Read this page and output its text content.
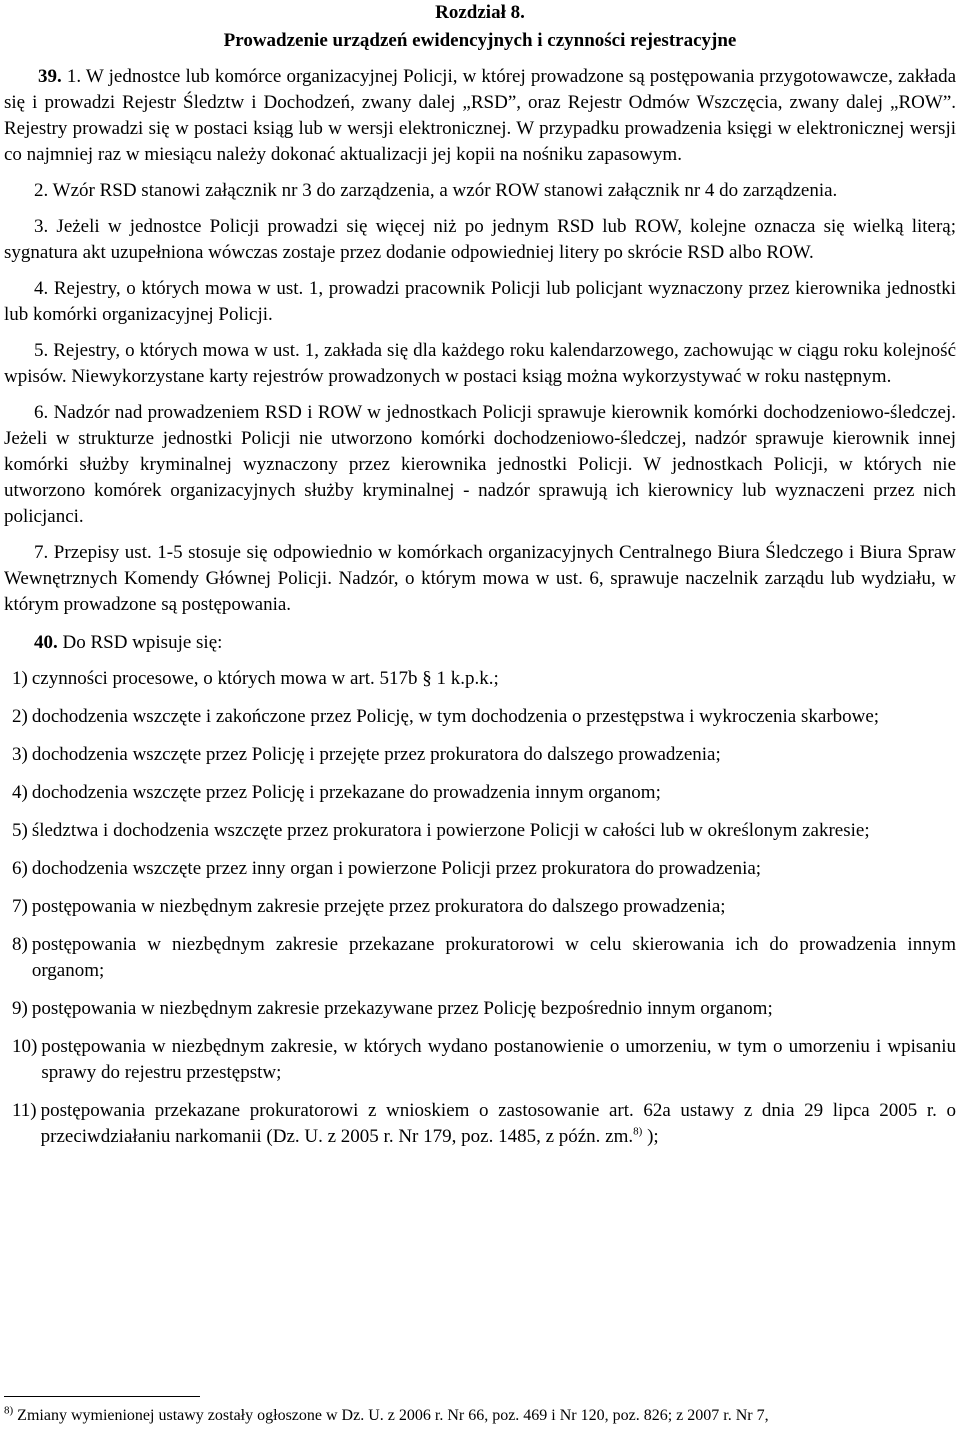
Rozdział 8.

Prowadzenie urządzeń ewidencyjnych i czynności rejestracyjne

39. 1. W jednostce lub komórce organizacyjnej Policji, w której prowadzone są postępowania przygotowawcze, zakłada się i prowadzi Rejestr Śledztw i Dochodzeń, zwany dalej „RSD”, oraz Rejestr Odmów Wszczęcia, zwany dalej „ROW”. Rejestry prowadzi się w postaci ksiąg lub w wersji elektronicznej. W przypadku prowadzenia księgi w elektronicznej wersji co najmniej raz w miesiącu należy dokonać aktualizacji jej kopii na nośniku zapasowym.

2. Wzór RSD stanowi załącznik nr 3 do zarządzenia, a wzór ROW stanowi załącznik nr 4 do zarządzenia.

3. Jeżeli w jednostce Policji prowadzi się więcej niż po jednym RSD lub ROW, kolejne oznacza się wielką literą; sygnatura akt uzupełniona wówczas zostaje przez dodanie odpowiedniej litery po skrócie RSD albo ROW.

4. Rejestry, o których mowa w ust. 1, prowadzi pracownik Policji lub policjant wyznaczony przez kierownika jednostki lub komórki organizacyjnej Policji.

5. Rejestry, o których mowa w ust. 1, zakłada się dla każdego roku kalendarzowego, zachowując w ciągu roku kolejność wpisów. Niewykorzystane karty rejestrów prowadzonych w postaci ksiąg można wykorzystywać w roku następnym.

6. Nadzór nad prowadzeniem RSD i ROW w jednostkach Policji sprawuje kierownik komórki dochodzeniowo-śledczej. Jeżeli w strukturze jednostki Policji nie utworzono komórki dochodzeniowo-śledczej, nadzór sprawuje kierownik innej komórki służby kryminalnej wyznaczony przez kierownika jednostki Policji. W jednostkach Policji, w których nie utworzono komórek organizacyjnych służby kryminalnej - nadzór sprawują ich kierownicy lub wyznaczeni przez nich policjanci.

7. Przepisy ust. 1-5 stosuje się odpowiednio w komórkach organizacyjnych Centralnego Biura Śledczego i Biura Spraw Wewnętrznych Komendy Głównej Policji. Nadzór, o którym mowa w ust. 6, sprawuje naczelnik zarządu lub wydziału, w którym prowadzone są postępowania.

40. Do RSD wpisuje się:

1) czynności procesowe, o których mowa w art. 517b § 1 k.p.k.;
2) dochodzenia wszczęte i zakończone przez Policję, w tym dochodzenia o przestępstwa i wykroczenia skarbowe;
3) dochodzenia wszczęte przez Policję i przejęte przez prokuratora do dalszego prowadzenia;
4) dochodzenia wszczęte przez Policję i przekazane do prowadzenia innym organom;
5) śledztwa i dochodzenia wszczęte przez prokuratora i powierzone Policji w całości lub w określonym zakresie;
6) dochodzenia wszczęte przez inny organ i powierzone Policji przez prokuratora do prowadzenia;
7) postępowania w niezbędnym zakresie przejęte przez prokuratora do dalszego prowadzenia;
8) postępowania w niezbędnym zakresie przekazane prokuratorowi w celu skierowania ich do prowadzenia innym organom;
9) postępowania w niezbędnym zakresie przekazywane przez Policję bezpośrednio innym organom;
10) postępowania w niezbędnym zakresie, w których wydano postanowienie o umorzeniu, w tym o umorzeniu i wpisaniu sprawy do rejestru przestępstw;
11) postępowania przekazane prokuratorowi z wnioskiem o zastosowanie art. 62a ustawy z dnia 29 lipca 2005 r. o przeciwdziałaniu narkomanii (Dz. U. z 2005 r. Nr 179, poz. 1485, z późn. zm.$^{8)}$ );
$^{8)}$ Zmiany wymienionej ustawy zostały ogłoszone w Dz. U. z 2006 r. Nr 66, poz. 469 i Nr 120, poz. 826; z 2007 r. Nr 7,
